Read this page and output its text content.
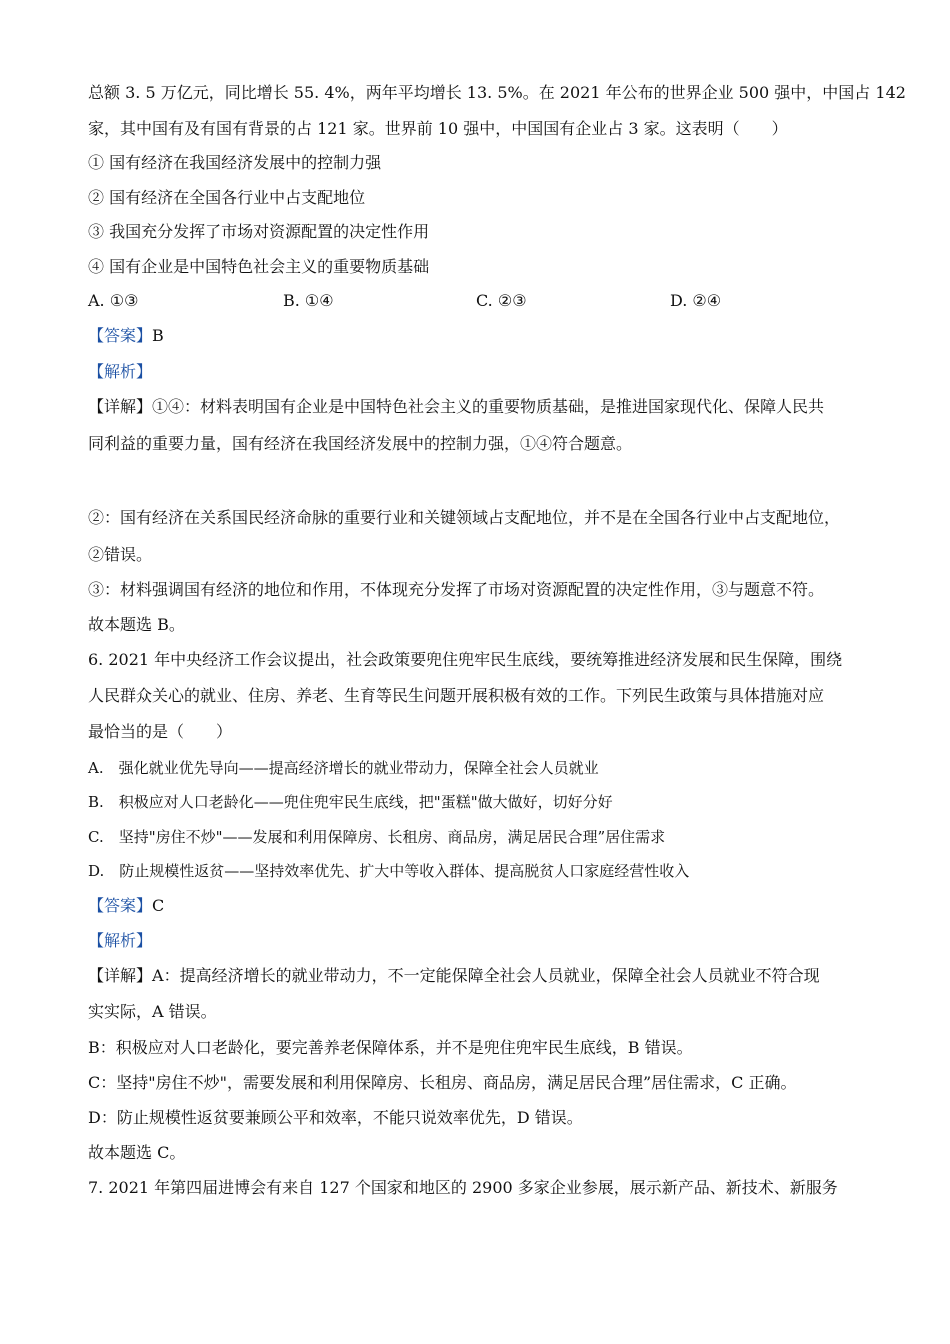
总额 3. 5 万亿元，同比增长 55. 4%，两年平均增长 13. 5%。在 2021 年公布的世界企业 500 强中，中国占 142
家，其中国有及有国有背景的占 121 家。世界前 10 强中，中国国有企业占 3 家。这表明（　　）
① 国有经济在我国经济发展中的控制力强
② 国有经济在全国各行业中占支配地位
③ 我国充分发挥了市场对资源配置的决定性作用
④ 国有企业是中国特色社会主义的重要物质基础
A. ①③	B. ①④	C. ②③	D. ②④
【答案】B
【解析】
【详解】①④：材料表明国有企业是中国特色社会主义的重要物质基础，是推进国家现代化、保障人民共
同利益的重要力量，国有经济在我国经济发展中的控制力强，①④符合题意。
②：国有经济在关系国民经济命脉的重要行业和关键领域占支配地位，并不是在全国各行业中占支配地位，
②错误。
③：材料强调国有经济的地位和作用，不体现充分发挥了市场对资源配置的决定性作用，③与题意不符。
故本题选 B。
6. 2021 年中央经济工作会议提出，社会政策要兜住兜牢民生底线，要统筹推进经济发展和民生保障，围绕
人民群众关心的就业、住房、养老、生育等民生问题开展积极有效的工作。下列民生政策与具体措施对应
最恰当的是（　　）
A.　强化就业优先导向——提高经济增长的就业带动力，保障全社会人员就业
B.　积极应对人口老龄化——兜住兜牢民生底线，把"蛋糕"做大做好，切好分好
C.　坚持"房住不炒"——发展和利用保障房、长租房、商品房，满足居民合理”居住需求
D.　防止规模性返贫——坚持效率优先、扩大中等收入群体、提高脱贫人口家庭经营性收入
【答案】C
【解析】
【详解】A：提高经济增长的就业带动力，不一定能保障全社会人员就业，保障全社会人员就业不符合现
实实际，A 错误。
B：积极应对人口老龄化，要完善养老保障体系，并不是兜住兜牢民生底线，B 错误。
C：坚持"房住不炒"，需要发展和利用保障房、长租房、商品房，满足居民合理”居住需求，C 正确。
D：防止规模性返贫要兼顾公平和效率，不能只说效率优先，D 错误。
故本题选 C。
7. 2021 年第四届进博会有来自 127 个国家和地区的 2900 多家企业参展，展示新产品、新技术、新服务
